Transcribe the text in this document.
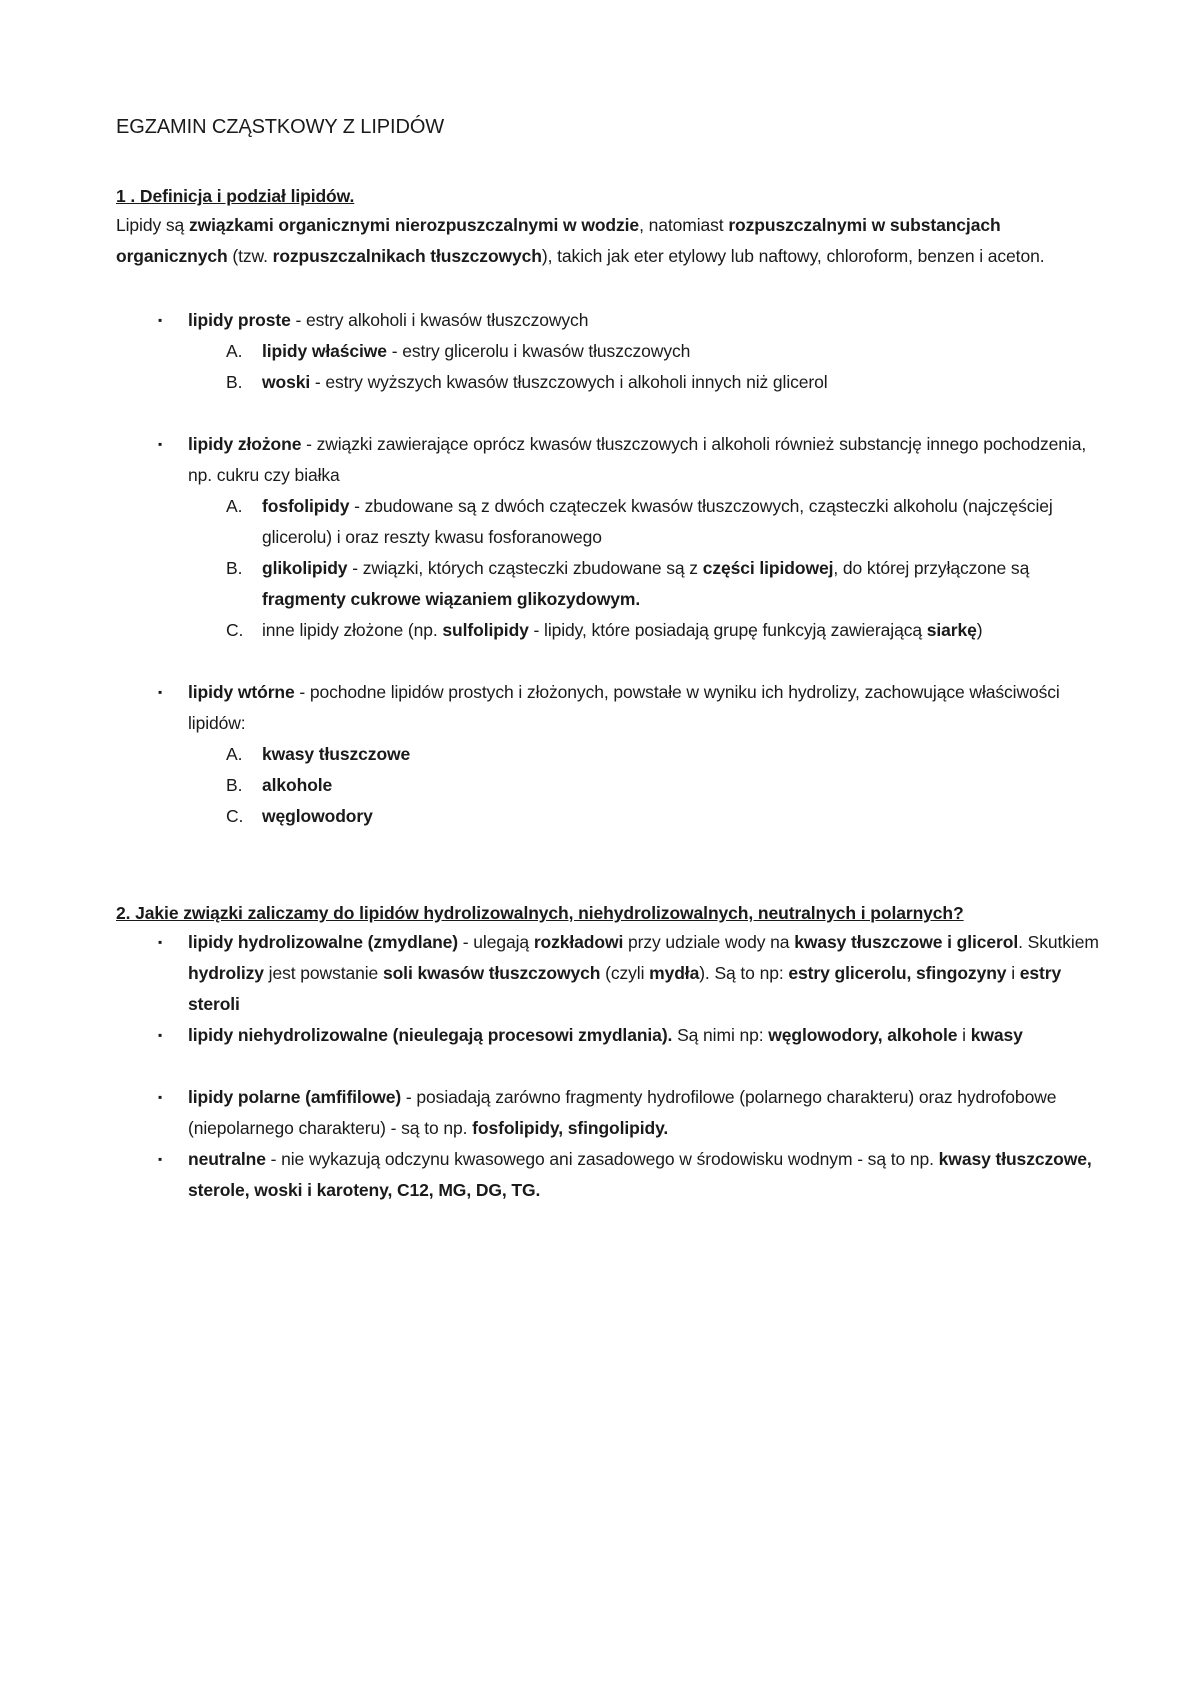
EGZAMIN CZĄSTKOWY Z LIPIDÓW
1 . Definicja i podział lipidów.

Lipidy są związkami organicznymi nierozpuszczalnymi w wodzie, natomiast rozpuszczalnymi w substancjach organicznych (tzw. rozpuszczalnikach tłuszczowych), takich jak eter etylowy lub naftowy, chloroform, benzen i aceton.

▪ lipidy proste - estry alkoholi i kwasów tłuszczowych
A. lipidy właściwe - estry glicerolu i kwasów tłuszczowych
B. woski - estry wyższych kwasów tłuszczowych i alkoholi innych niż glicerol
▪ lipidy złożone - związki zawierające oprócz kwasów tłuszczowych i alkoholi również substancję innego pochodzenia, np. cukru czy białka
A. fosfolipidy - zbudowane są z dwóch cząteczek kwasów tłuszczowych, cząsteczki alkoholu (najczęściej glicerolu) i oraz reszty kwasu fosforanowego
B. glikolipidy - związki, których cząsteczki zbudowane są z części lipidowej, do której przyłączone są fragmenty cukrowe wiązaniem glikozydowym.
C. inne lipidy złożone (np. sulfolipidy - lipidy, które posiadają grupę funkcyją zawierającą siarkę)
▪ lipidy wtórne - pochodne lipidów prostych i złożonych, powstałe w wyniku ich hydrolizy, zachowujące właściwości lipidów:
A. kwasy tłuszczowe
B. alkohole
C. węglowodory
2. Jakie związki zaliczamy do lipidów hydrolizowalnych, niehydrolizowalnych, neutralnych i polarnych?
▪ lipidy hydrolizowalne (zmydlane) - ulegają rozkładowi przy udziale wody na kwasy tłuszczowe i glicerol. Skutkiem hydrolizy jest powstanie soli kwasów tłuszczowych (czyli mydła). Są to np: estry glicerolu, sfingozyny i estry steroli
▪ lipidy niehydrolizowalne (nieulegają procesowi zmydlania). Są nimi np: węglowodory, alkohole i kwasy
▪ lipidy polarne (amfifilowe) - posiadają zarówno fragmenty hydrofilowe (polarnego charakteru) oraz hydrofobowe (niepolarnego charakteru) - są to np. fosfolipidy, sfingolipidy.
▪ neutralne - nie wykazują odczynu kwasowego ani zasadowego w środowisku wodnym - są to np. kwasy tłuszczowe, sterole, woski i karoteny, C12, MG, DG, TG.
